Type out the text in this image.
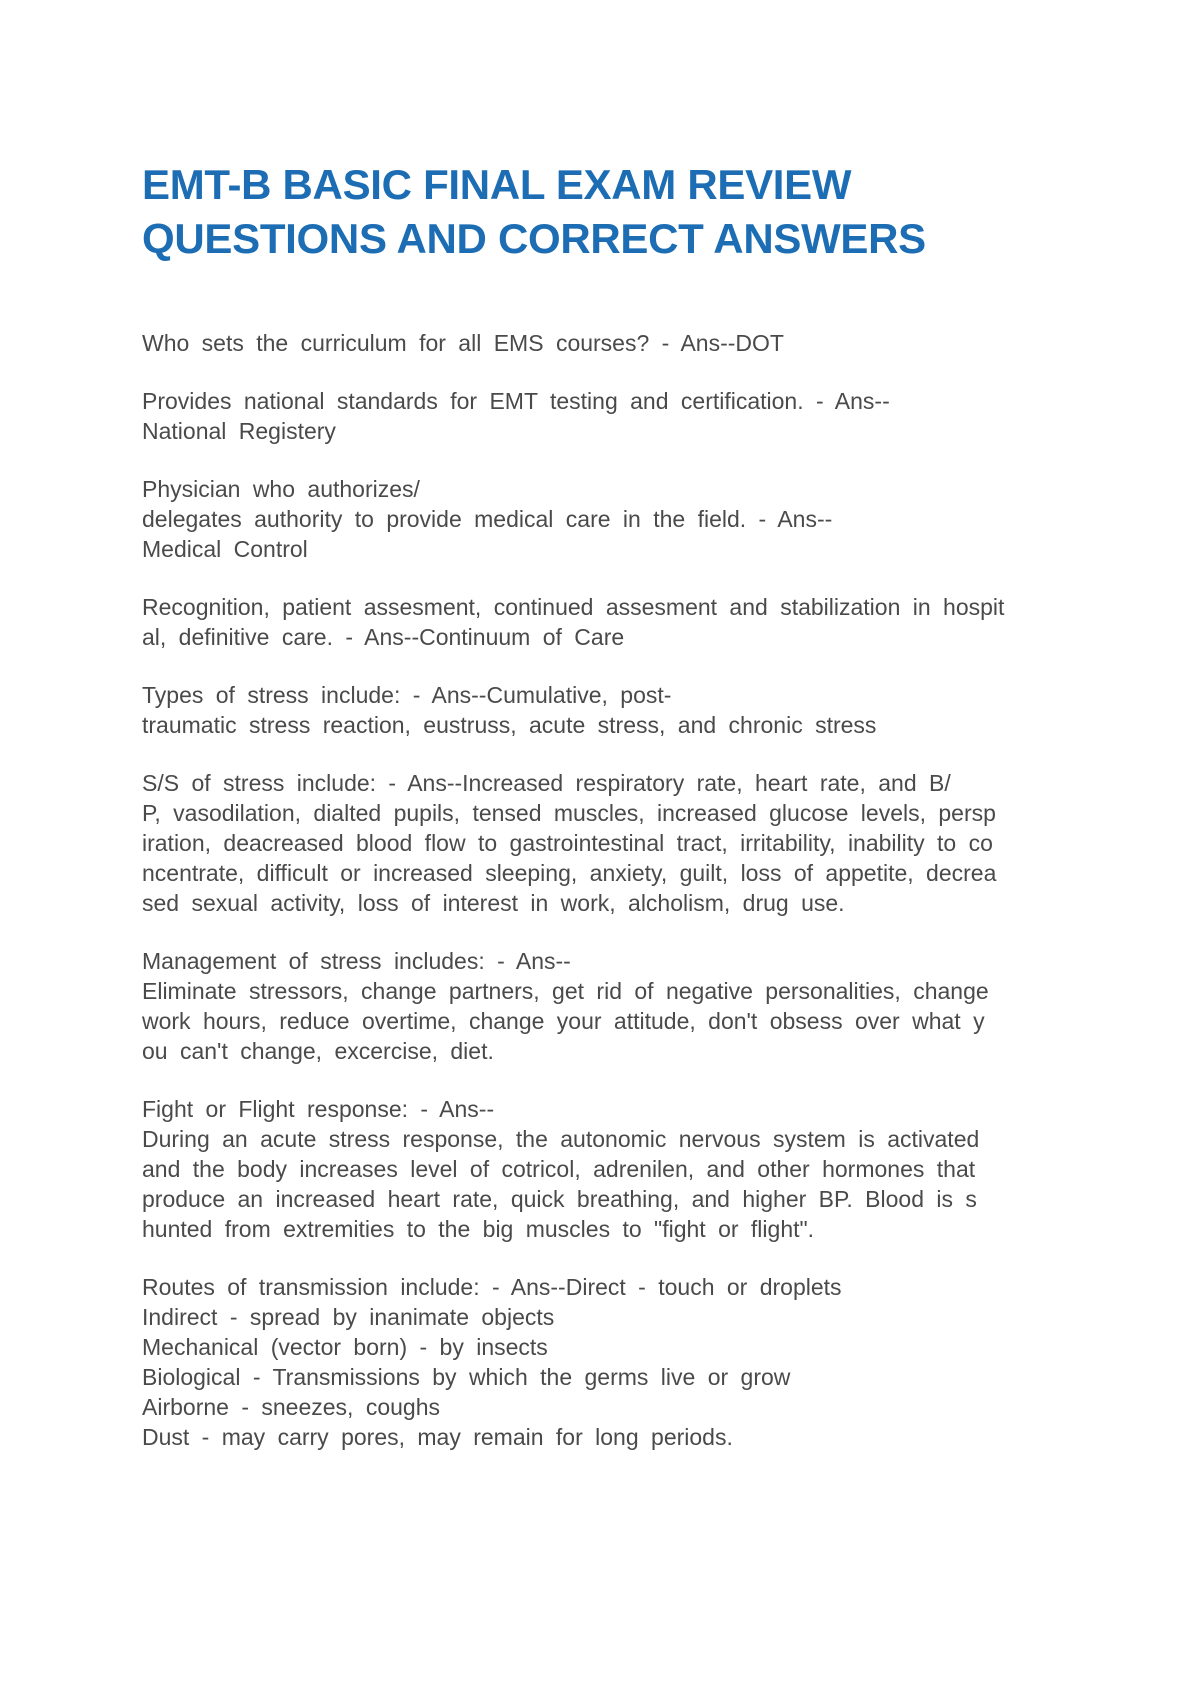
EMT-B BASIC FINAL EXAM REVIEW
QUESTIONS AND CORRECT ANSWERS

Who sets the curriculum for all EMS courses? - Ans--DOT

Provides national standards for EMT testing and certification. - Ans--
National Registery

Physician who authorizes/
delegates authority to provide medical care in the field. - Ans--
Medical Control

Recognition, patient assesment, continued assesment and stabilization in hospit
al, definitive care. - Ans--Continuum of Care

Types of stress include: - Ans--Cumulative, post-
traumatic stress reaction, eustruss, acute stress, and chronic stress

S/S of stress include: - Ans--Increased respiratory rate, heart rate, and B/
P, vasodilation, dialted pupils, tensed muscles, increased glucose levels, persp
iration, deacreased blood flow to gastrointestinal tract, irritability, inability to co
ncentrate, difficult or increased sleeping, anxiety, guilt, loss of appetite, decrea
sed sexual activity, loss of interest in work, alcholism, drug use.

Management of stress includes: - Ans--
Eliminate stressors, change partners, get rid of negative personalities, change
work hours, reduce overtime, change your attitude, don't obsess over what y
ou can't change, excercise, diet.

Fight or Flight response: - Ans--
During an acute stress response, the autonomic nervous system is activated
and the body increases level of cotricol, adrenilen, and other hormones that
produce an increased heart rate, quick breathing, and higher BP. Blood is s
hunted from extremities to the big muscles to "fight or flight".

Routes of transmission include: - Ans--Direct - touch or droplets
Indirect - spread by inanimate objects
Mechanical (vector born) - by insects
Biological - Transmissions by which the germs live or grow
Airborne - sneezes, coughs
Dust - may carry pores, may remain for long periods.
